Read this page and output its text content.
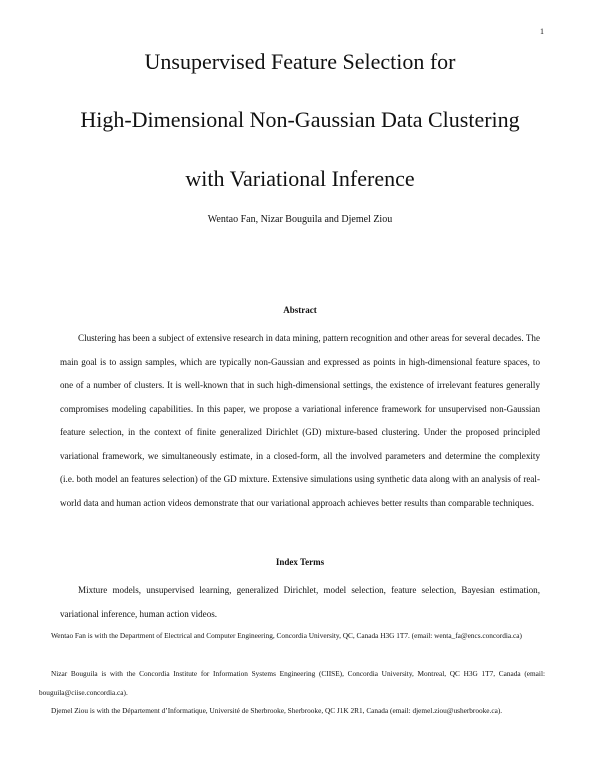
1
Unsupervised Feature Selection for
High-Dimensional Non-Gaussian Data Clustering
with Variational Inference
Wentao Fan, Nizar Bouguila and Djemel Ziou
Abstract

Clustering has been a subject of extensive research in data mining, pattern recognition and other areas for several decades. The main goal is to assign samples, which are typically non-Gaussian and expressed as points in high-dimensional feature spaces, to one of a number of clusters. It is well-known that in such high-dimensional settings, the existence of irrelevant features generally compromises modeling capabilities. In this paper, we propose a variational inference framework for unsupervised non-Gaussian feature selection, in the context of finite generalized Dirichlet (GD) mixture-based clustering. Under the proposed principled variational framework, we simultaneously estimate, in a closed-form, all the involved parameters and determine the complexity (i.e. both model an features selection) of the GD mixture. Extensive simulations using synthetic data along with an analysis of real-world data and human action videos demonstrate that our variational approach achieves better results than comparable techniques.

Index Terms

Mixture models, unsupervised learning, generalized Dirichlet, model selection, feature selection, Bayesian estimation, variational inference, human action videos.

Wentao Fan is with the Department of Electrical and Computer Engineering, Concordia University, QC, Canada H3G 1T7. (email: wenta_fa@encs.concordia.ca)

Nizar Bouguila is with the Concordia Institute for Information Systems Engineering (CIISE), Concordia University, Montreal, QC H3G 1T7, Canada (email: bouguila@ciise.concordia.ca).

Djemel Ziou is with the Département d’Informatique, Université de Sherbrooke, Sherbrooke, QC J1K 2R1, Canada (email: djemel.ziou@usherbrooke.ca).
